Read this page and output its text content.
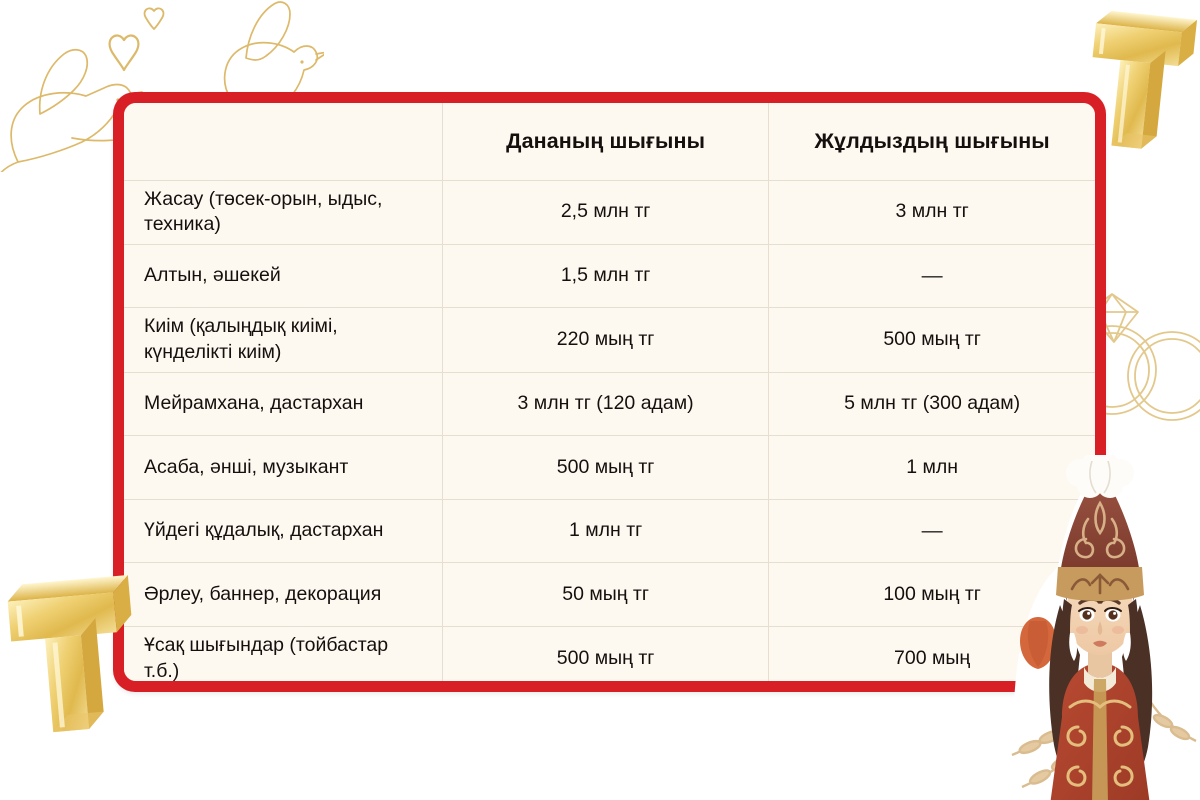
	Дананың шығыны	Жұлдыздың шығыны
Жасау (төсек-орын, ыдыс, техника)	2,5 млн тг	3 млн тг
Алтын, әшекей	1,5 млн тг	—
Киім (қалыңдық киімі, күнделікті киім)	220 мың тг	500 мың тг
Мейрамхана, дастархан	3 млн тг (120 адам)	5 млн тг (300 адам)
Асаба, әнші, музыкант	500 мың тг	1 млн
Үйдегі құдалық, дастархан	1 млн тг	—
Әрлеу, баннер, декорация	50 мың тг	100 мың тг
Ұсақ шығындар (тойбастар т.б.)	500 мың тг	700 мың
